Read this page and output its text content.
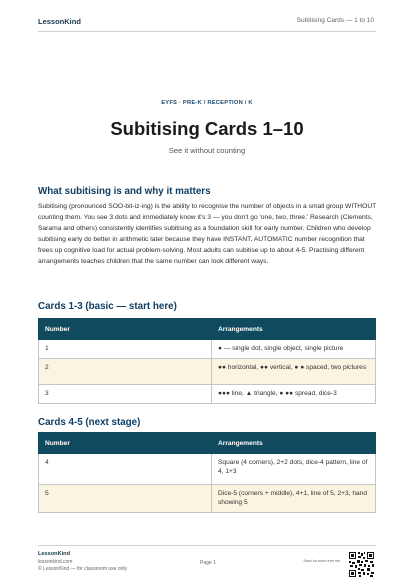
LessonKind	Subitising Cards — 1 to 10
EYFS · PRE-K / RECEPTION / K
Subitising Cards 1–10
See it without counting
What subitising is and why it matters
Subitising (pronounced SOO-bit-iz-ing) is the ability to recognise the number of objects in a small group WITHOUT counting them. You see 3 dots and immediately know it's 3 — you don't go 'one, two, three.' Research (Clements, Sarama and others) consistently identifies subitising as a foundation skill for early number. Children who develop subitising early do better in arithmetic later because they have INSTANT, AUTOMATIC number recognition that frees up cognitive load for actual problem-solving. Most adults can subitise up to about 4-5. Practising different arrangements teaches children that the same number can look different ways.
Cards 1-3 (basic — start here)
Number	Arrangements
1	● — single dot, single object, single picture
2	●● horizontal, ●● vertical, ● ● spaced, two pictures
3	●●● line, ▲ triangle, ● ●● spread, dice-3
Cards 4-5 (next stage)
Number	Arrangements
4	Square (4 corners), 2+2 dots, dice-4 pattern, line of 4, 1+3
5	Dice-5 (corners + middle), 4+1, line of 5, 2+3, hand showing 5
LessonKind
lessonkind.com
© LessonKind — for classroom use only
Page 1	Scan for more free res
